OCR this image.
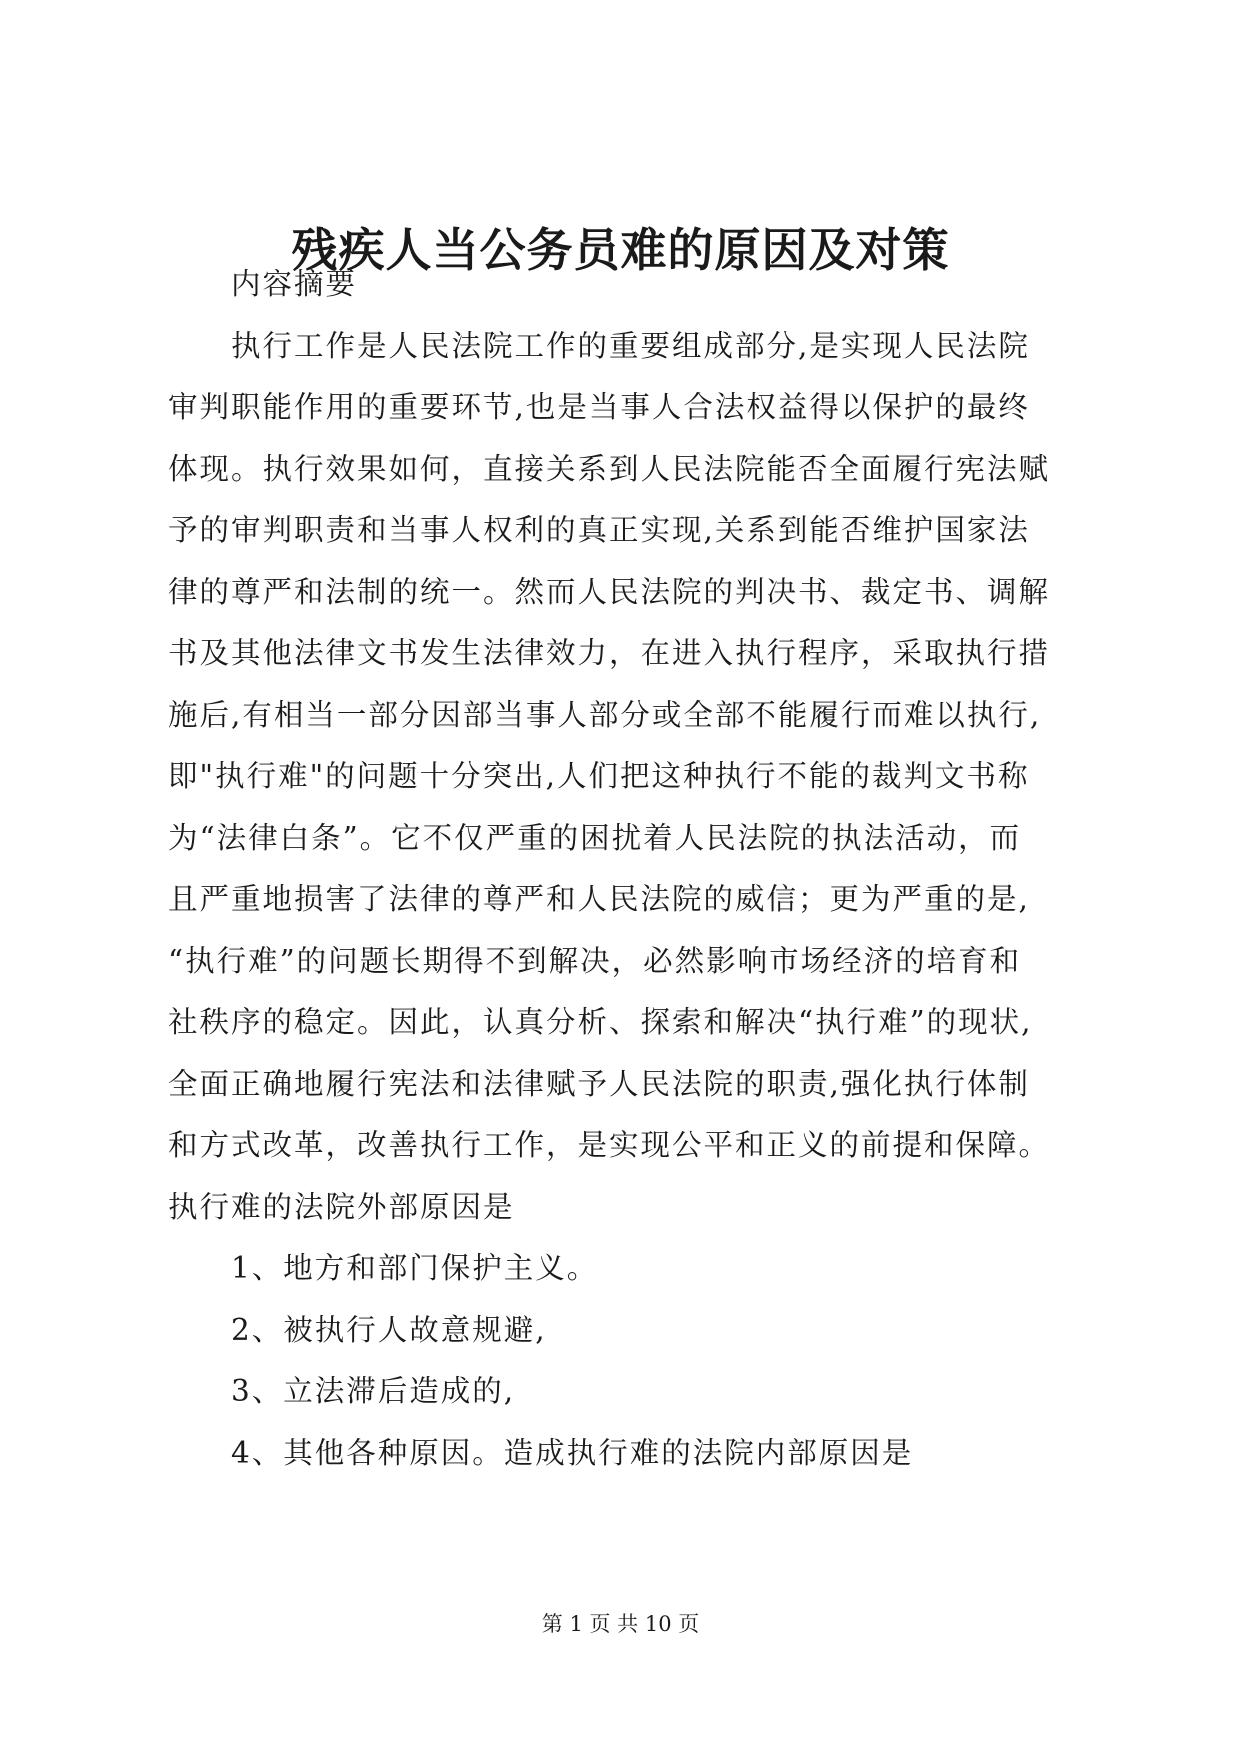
残疾人当公务员难的原因及对策
内容摘要
执行工作是人民法院工作的重要组成部分,是实现人民法院
审判职能作用的重要环节,也是当事人合法权益得以保护的最终
体现。执行效果如何，直接关系到人民法院能否全面履行宪法赋
予的审判职责和当事人权利的真正实现,关系到能否维护国家法
律的尊严和法制的统一。然而人民法院的判决书、裁定书、调解
书及其他法律文书发生法律效力，在进入执行程序，采取执行措
施后,有相当一部分因部当事人部分或全部不能履行而难以执行,
即"执行难"的问题十分突出,人们把这种执行不能的裁判文书称
为“法律白条”。它不仅严重的困扰着人民法院的执法活动，而
且严重地损害了法律的尊严和人民法院的威信；更为严重的是,
“执行难”的问题长期得不到解决，必然影响市场经济的培育和
社秩序的稳定。因此，认真分析、探索和解决“执行难”的现状,
全面正确地履行宪法和法律赋予人民法院的职责,强化执行体制
和方式改革，改善执行工作，是实现公平和正义的前提和保障。
执行难的法院外部原因是
1、地方和部门保护主义。
2、被执行人故意规避,
3、立法滞后造成的,
4、其他各种原因。造成执行难的法院内部原因是
第 1 页 共 10 页
